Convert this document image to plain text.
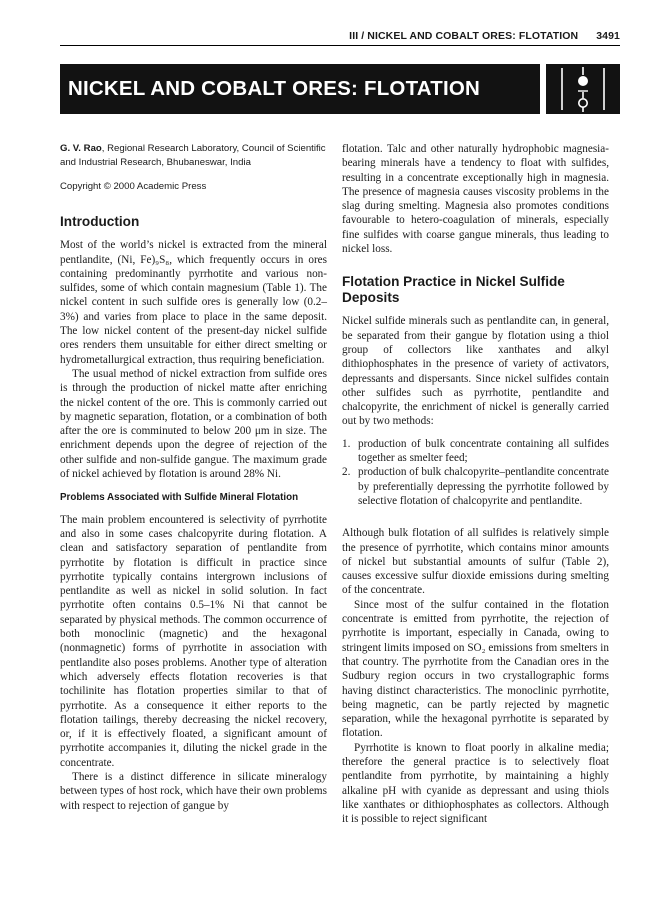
III / NICKEL AND COBALT ORES: FLOTATION 3491
NICKEL AND COBALT ORES: FLOTATION

G. V. Rao, Regional Research Laboratory, Council of Scientific and Industrial Research, Bhubaneswar, India

Copyright © 2000 Academic Press

Introduction

Most of the world’s nickel is extracted from the mineral pentlandite, (Ni, Fe)₉S₈, which frequently occurs in ores containing predominantly pyrrhotite and various non-sulfides, some of which contain magnesium (Table 1). The nickel content in such sulfide ores is generally low (0.2–3%) and varies from place to place in the same deposit. The low nickel content of the present-day nickel sulfide ores renders them unsuitable for either direct smelting or hydrometallurgical extraction, thus requiring beneficiation.

The usual method of nickel extraction from sulfide ores is through the production of nickel matte after enriching the nickel content of the ore. This is commonly carried out by magnetic separation, flotation, or a combination of both after the ore is comminuted to below 200 μm in size. The enrichment depends upon the degree of rejection of the other sulfide and non-sulfide gangue. The maximum grade of nickel achieved by flotation is around 28% Ni.

Problems Associated with Sulfide Mineral Flotation

The main problem encountered is selectivity of pyrrhotite and also in some cases chalcopyrite during flotation. A clean and satisfactory separation of pentlandite from pyrrhotite by flotation is difficult in practice since pyrrhotite typically contains intergrown inclusions of pentlandite as well as nickel in solid solution. In fact pyrrhotite often contains 0.5–1% Ni that cannot be separated by physical methods. The common occurrence of both monoclinic (magnetic) and the hexagonal (nonmagnetic) forms of pyrrhotite in association with pentlandite also poses problems. Another type of alteration which adversely effects flotation recoveries is that tochilinite has flotation properties similar to that of pyrrhotite. As a consequence it either reports to the flotation tailings, thereby decreasing the nickel recovery, or, if it is effectively floated, a significant amount of pyrrhotite accompanies it, diluting the nickel grade in the concentrate.

There is a distinct difference in silicate mineralogy between types of host rock, which have their own problems with respect to rejection of gangue by

flotation. Talc and other naturally hydrophobic magnesia-bearing minerals have a tendency to float with sulfides, resulting in a concentrate exceptionally high in magnesia. The presence of magnesia causes viscosity problems in the slag during smelting. Magnesia also promotes conditions favourable to hetero-coagulation of minerals, especially fine sulfides with coarse gangue minerals, thus leading to nickel loss.

Flotation Practice in Nickel Sulfide Deposits

Nickel sulfide minerals such as pentlandite can, in general, be separated from their gangue by flotation using a thiol group of collectors like xanthates and alkyl dithiophosphates in the presence of variety of activators, depressants and dispersants. Since nickel sulfides contain other sulfides such as pyrrhotite, pentlandite and chalcopyrite, the enrichment of nickel is generally carried out by two methods:

1. production of bulk concentrate containing all sulfides together as smelter feed;
2. production of bulk chalcopyrite–pentlandite concentrate by preferentially depressing the pyrrhotite followed by selective flotation of chalcopyrite and pentlandite.

Although bulk flotation of all sulfides is relatively simple the presence of pyrrhotite, which contains minor amounts of nickel but substantial amounts of sulfur (Table 2), causes excessive sulfur dioxide emissions during smelting of the concentrate.

Since most of the sulfur contained in the flotation concentrate is emitted from pyrrhotite, the rejection of pyrrhotite is important, especially in Canada, owing to stringent limits imposed on SO₂ emissions from smelters in that country. The pyrrhotite from the Canadian ores in the Sudbury region occurs in two crystallographic forms having distinct characteristics. The monoclinic pyrrhotite, being magnetic, can be partly rejected by magnetic separation, while the hexagonal pyrrhotite is separated by flotation.

Pyrrhotite is known to float poorly in alkaline media; therefore the general practice is to selectively float pentlandite from pyrrhotite, by maintaining a highly alkaline pH with cyanide as depressant and using thiols like xanthates or dithiophosphates as collectors. Although it is possible to reject significant
